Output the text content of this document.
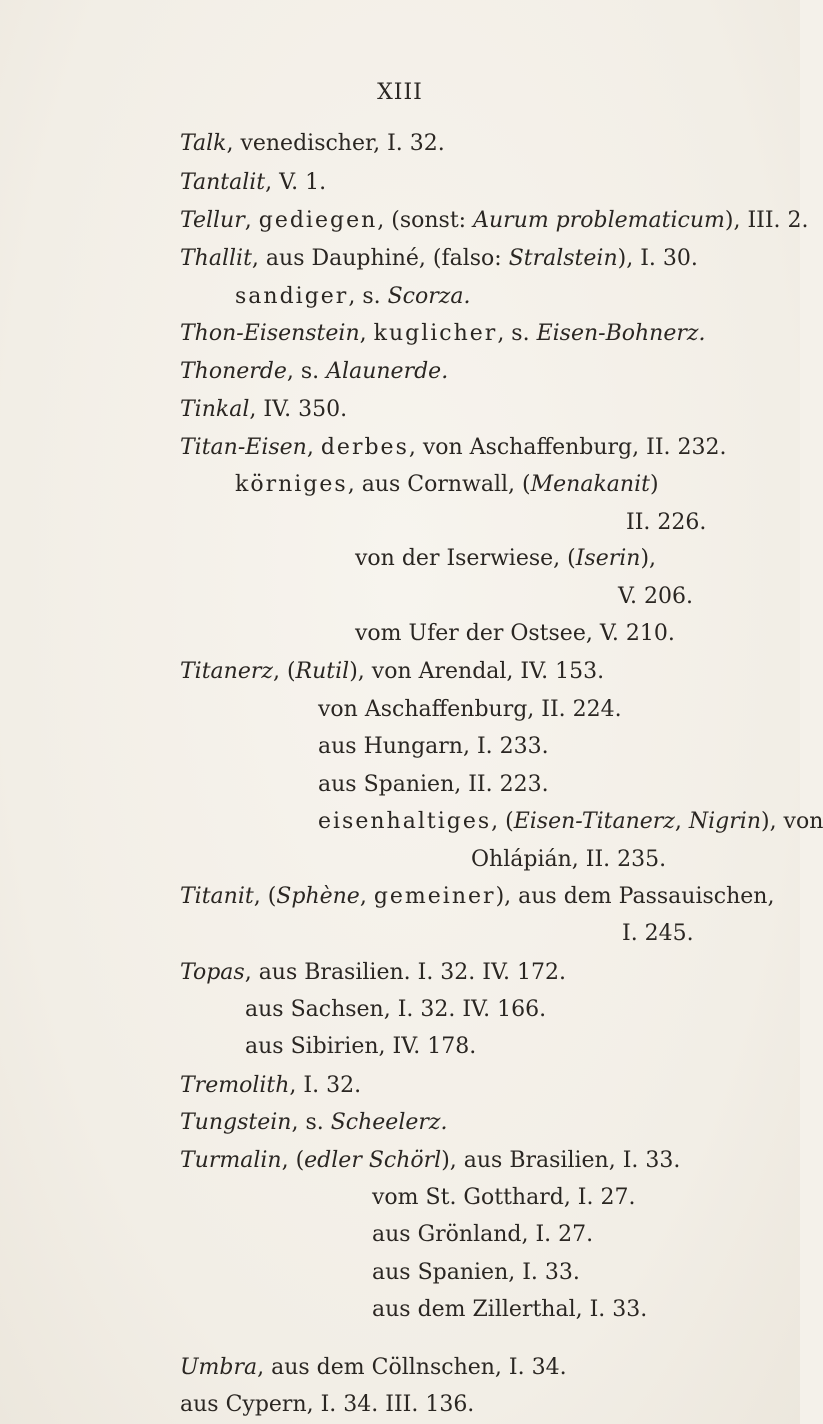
XIII
Talk, venedischer, I. 32.
Tantalit, V. 1.
Tellur, gediegen, (sonst: Aurum problematicum), III. 2.
Thallit, aus Dauphiné, (falso: Stralstein), I. 30.
sandiger, s. Scorza.
Thon-Eisenstein, kuglicher, s. Eisen-Bohnerz.
Thonerde, s. Alaunerde.
Tinkal, IV. 350.
Titan-Eisen, derbes, von Aschaffenburg, II. 232.
körniges, aus Cornwall, (Menakanit)
II. 226.
von der Iserwiese, (Iserin),
V. 206.
vom Ufer der Ostsee, V. 210.
Titanerz, (Rutil), von Arendal, IV. 153.
von Aschaffenburg, II. 224.
aus Hungarn, I. 233.
aus Spanien, II. 223.
eisenhaltiges, (Eisen-Titanerz, Nigrin), von
Ohlápián, II. 235.
Titanit, (Sphène, gemeiner), aus dem Passauischen,
I. 245.
Topas, aus Brasilien. I. 32. IV. 172.
aus Sachsen, I. 32. IV. 166.
aus Sibirien, IV. 178.
Tremolith, I. 32.
Tungstein, s. Scheelerz.
Turmalin, (edler Schörl), aus Brasilien, I. 33.
vom St. Gotthard, I. 27.
aus Grönland, I. 27.
aus Spanien, I. 33.
aus dem Zillerthal, I. 33.
Umbra, aus dem Cöllnschen, I. 34.
aus Cypern, I. 34. III. 136.
